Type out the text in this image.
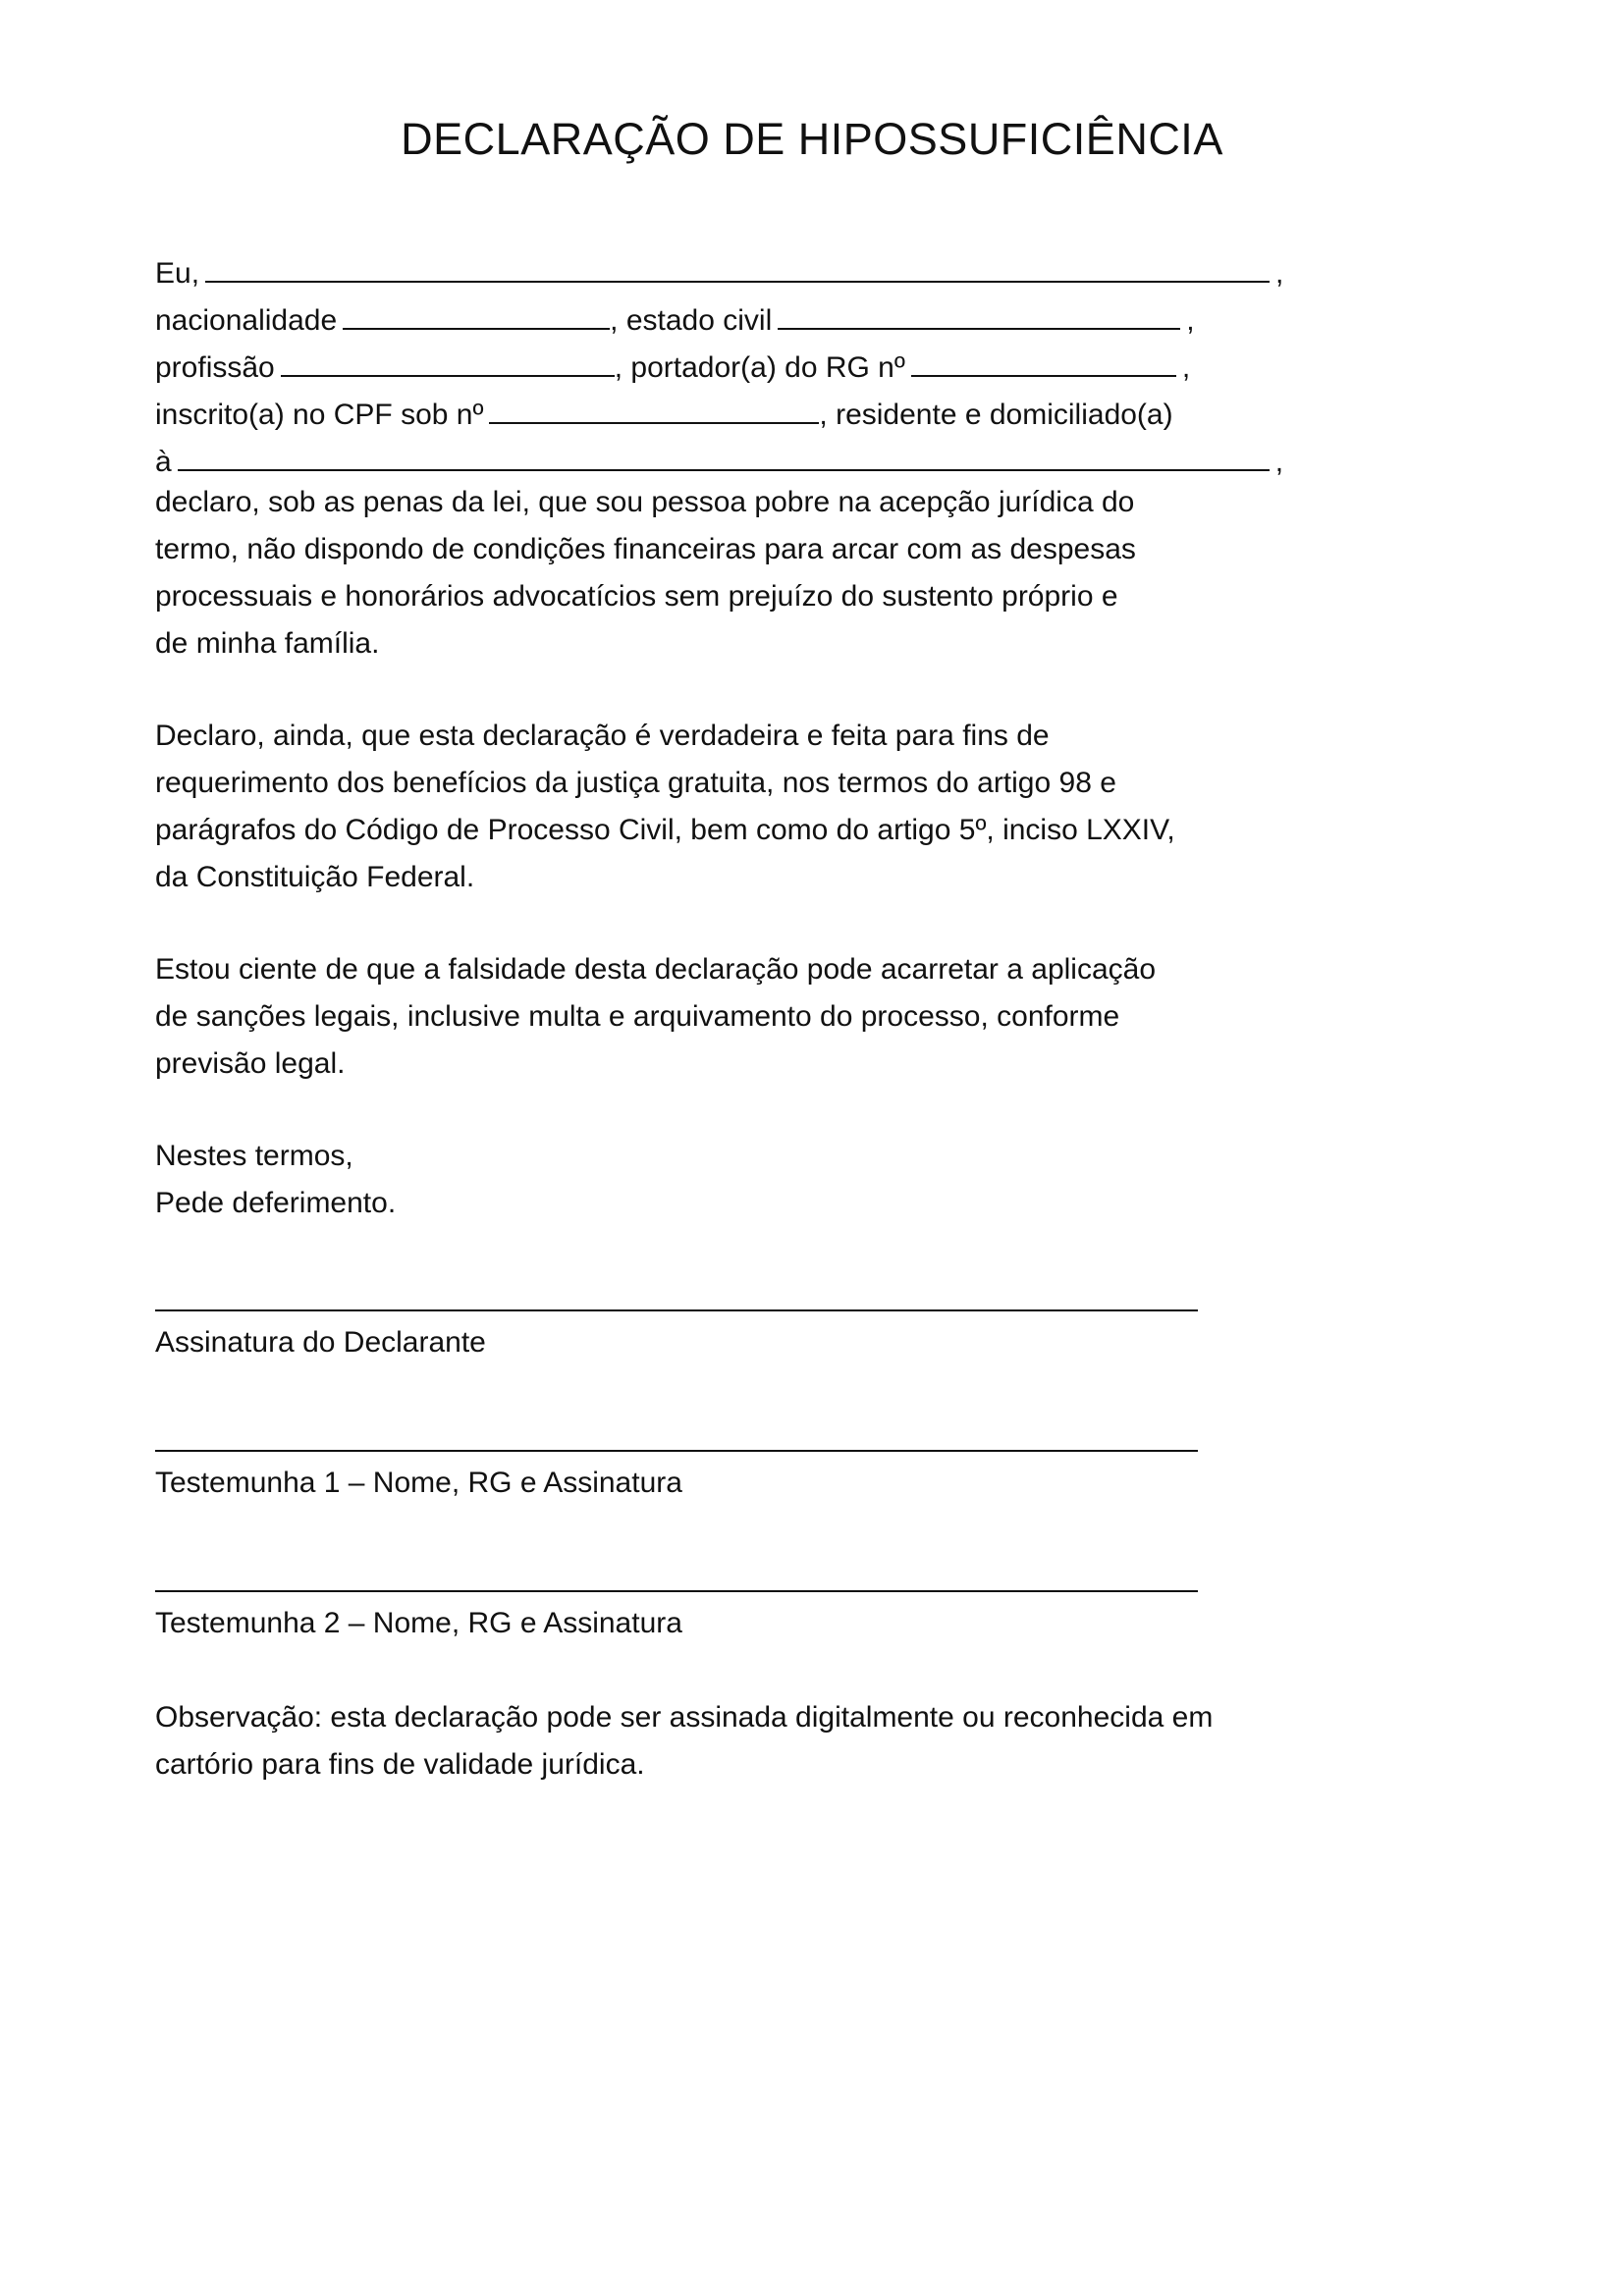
DECLARAÇÃO DE HIPOSSUFICIÊNCIA
Eu,	,
nacionalidade	, estado civil	,
profissão	, portador(a) do RG nº	,
inscrito(a) no CPF sob nº	, residente e domiciliado(a)
à	,
declaro, sob as penas da lei, que sou pessoa pobre na acepção jurídica do
termo, não dispondo de condições financeiras para arcar com as despesas
processuais e honorários advocatícios sem prejuízo do sustento próprio e
de minha família.
Declaro, ainda, que esta declaração é verdadeira e feita para fins de
requerimento dos benefícios da justiça gratuita, nos termos do artigo 98 e
parágrafos do Código de Processo Civil, bem como do artigo 5º, inciso LXXIV,
da Constituição Federal.
Estou ciente de que a falsidade desta declaração pode acarretar a aplicação
de sanções legais, inclusive multa e arquivamento do processo, conforme
previsão legal.
Nestes termos,
Pede deferimento.
Assinatura do Declarante
Testemunha 1 – Nome, RG e Assinatura
Testemunha 2 – Nome, RG e Assinatura
Observação: esta declaração pode ser assinada digitalmente ou reconhecida em
cartório para fins de validade jurídica.
